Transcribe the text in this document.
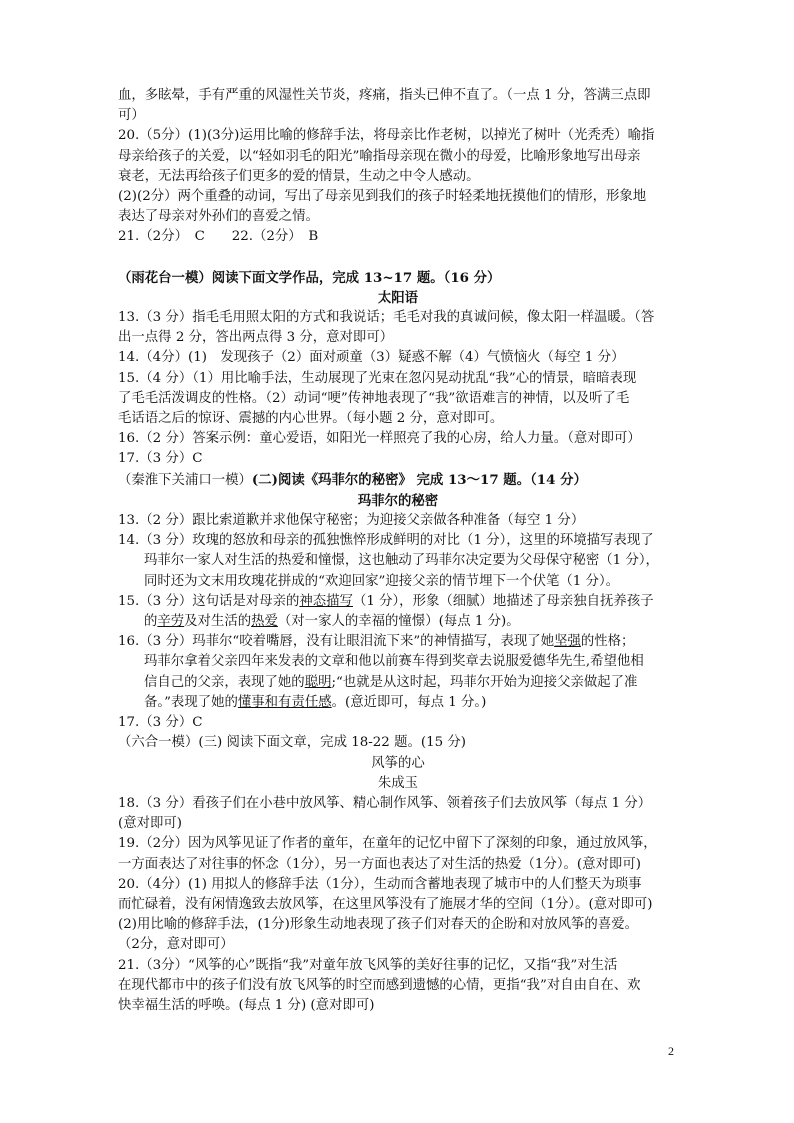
血，多眩晕，手有严重的风湿性关节炎，疼痛，指头已伸不直了。（一点 1 分，答满三点即

可）

20.（5分）(1)(3分)运用比喻的修辞手法，将母亲比作老树，以掉光了树叶（光秃秃）喻指

母亲给孩子的关爱，以“轻如羽毛的阳光”喻指母亲现在微小的母爱，比喻形象地写出母亲

衰老，无法再给孩子们更多的爱的情景，生动之中令人感动。

(2)(2分）两个重叠的动词，写出了母亲见到我们的孩子时轻柔地抚摸他们的情形，形象地

表达了母亲对外孙们的喜爱之情。

21.（2分）　C　　22.（2分）　B

（雨花台一模）阅读下面文学作品，完成 13~17 题。（16 分）

太阳语

13.（3 分）指毛毛用照太阳的方式和我说话；毛毛对我的真诚问候，像太阳一样温暖。（答

出一点得 2 分，答出两点得 3 分，意对即可）

14.（4分）(1)　发现孩子（2）面对顽童（3）疑惑不解（4）气愤恼火（每空 1 分）

15.（4 分）（1）用比喻手法，生动展现了光束在忽闪晃动扰乱“我”心的情景，暗暗表现

了毛毛活泼调皮的性格。（2）动词“哽”传神地表现了“我”欲语难言的神情，以及听了毛

毛话语之后的惊讶、震撼的内心世界。（每小题 2 分，意对即可。

16.（2 分）答案示例：童心爱语，如阳光一样照亮了我的心房，给人力量。（意对即可）

17.（3 分）C

（秦淮下关浦口一模）(二)阅读《玛菲尔的秘密》 完成 13～17 题。（14 分）

玛菲尔的秘密

13.（2 分）跟比索道歉并求他保守秘密；为迎接父亲做各种准备（每空 1 分）

14.（3 分）玫瑰的怒放和母亲的孤独憔悴形成鲜明的对比（1 分），这里的环境描写表现了

玛菲尔一家人对生活的热爱和憧憬，这也触动了玛菲尔决定要为父母保守秘密（1 分），

同时还为文末用玫瑰花拼成的“欢迎回家”迎接父亲的情节埋下一个伏笔（1 分）。

15.（3 分）这句话是对母亲的神态描写（1 分），形象（细腻）地描述了母亲独自抚养孩子

的辛劳及对生活的热爱（对一家人的幸福的憧憬）(每点 1 分)。

16.（3 分）玛菲尔“咬着嘴唇，没有让眼泪流下来”的神情描写，表现了她坚强的性格；

玛菲尔拿着父亲四年来发表的文章和他以前赛车得到奖章去说服爱德华先生,希望他相

信自己的父亲，表现了她的聪明;“也就是从这时起，玛菲尔开始为迎接父亲做起了准

备。”表现了她的懂事和有责任感。(意近即可，每点 1 分。)

17.（3 分）C

（六合一模）(三) 阅读下面文章，完成 18-22 题。(15 分)

风筝的心

朱成玉

18.（3 分）看孩子们在小巷中放风筝、精心制作风筝、领着孩子们去放风筝（每点 1 分）

(意对即可)

19.（2分）因为风筝见证了作者的童年，在童年的记忆中留下了深刻的印象，通过放风筝，

一方面表达了对往事的怀念（1分），另一方面也表达了对生活的热爱（1分）。(意对即可)

20.（4分）(1) 用拟人的修辞手法（1分），生动而含蓄地表现了城市中的人们整天为琐事

而忙碌着，没有闲情逸致去放风筝，在这里风筝没有了施展才华的空间（1分）。(意对即可)

(2)用比喻的修辞手法，(1分)形象生动地表现了孩子们对春天的企盼和对放风筝的喜爱。

（2分，意对即可）

21.（3分）“风筝的心”既指“我”对童年放飞风筝的美好往事的记忆，又指“我”对生活

在现代都市中的孩子们没有放飞风筝的时空而感到遗憾的心情，更指“我”对自由自在、欢

快幸福生活的呼唤。(每点 1 分) (意对即可)

2
